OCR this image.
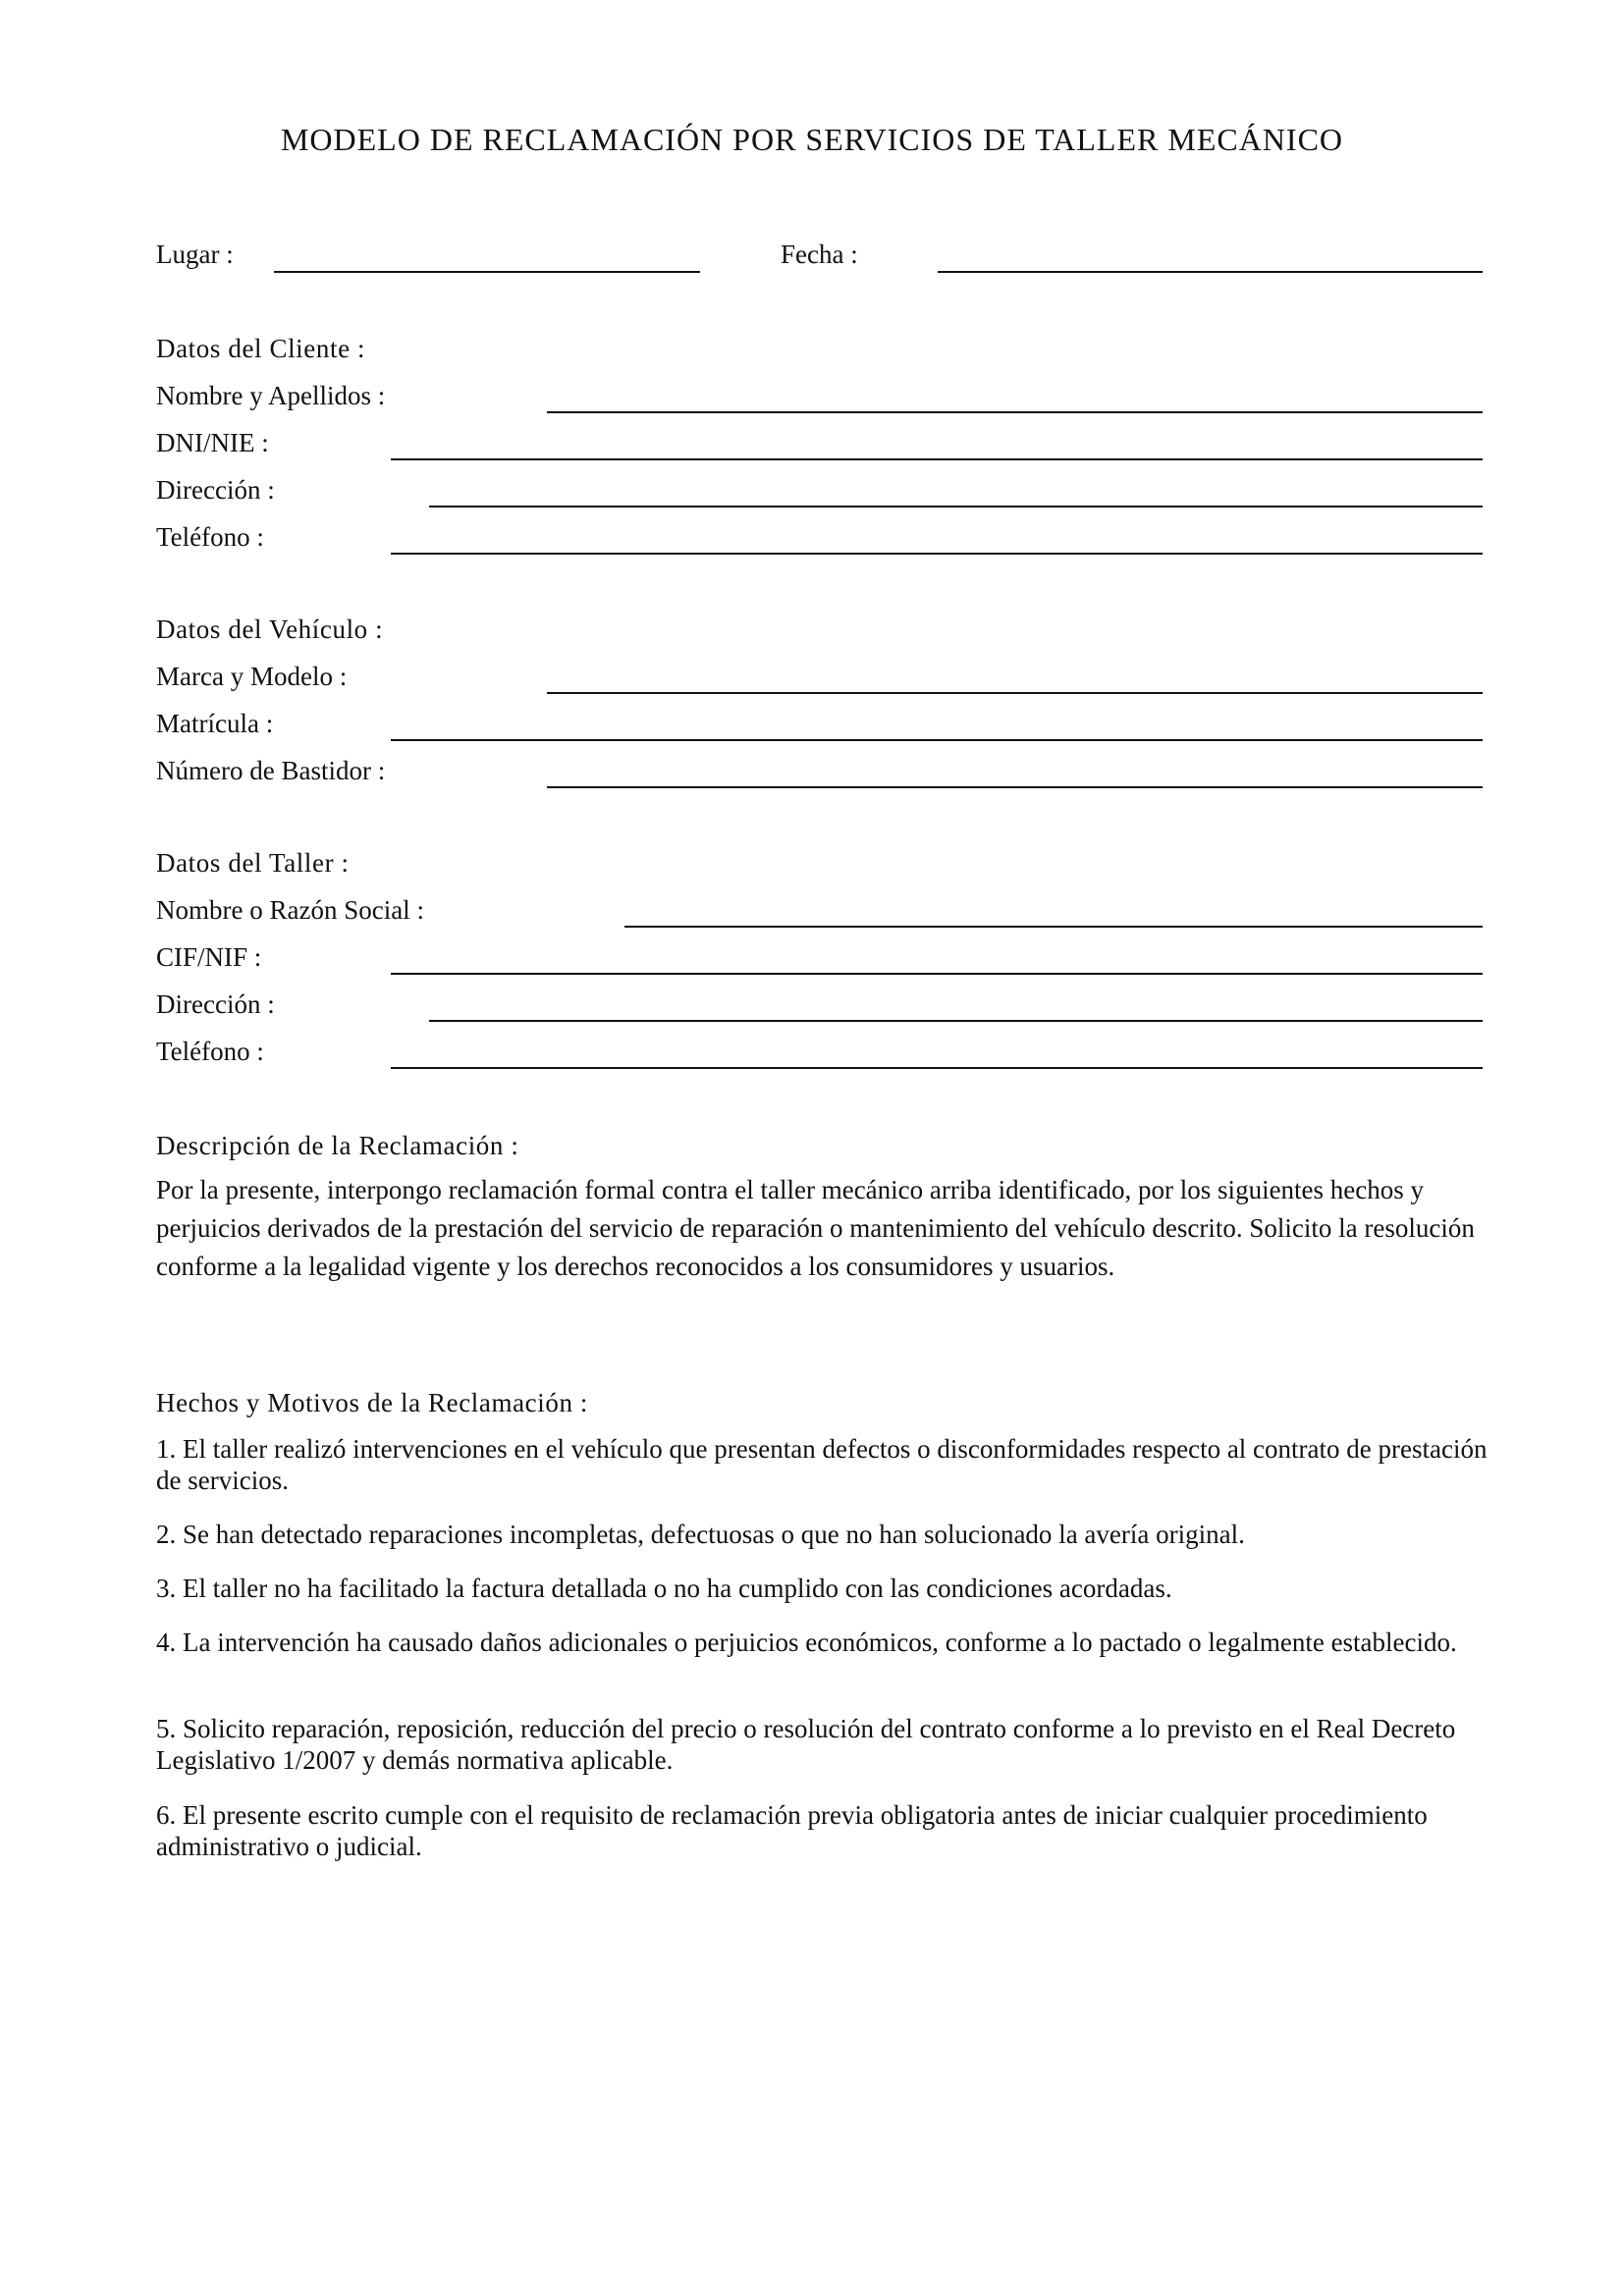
MODELO DE RECLAMACIÓN POR SERVICIOS DE TALLER MECÁNICO
Lugar :	Fecha :
Datos del Cliente :
Nombre y Apellidos :
DNI/NIE :
Dirección :
Teléfono :
Datos del Vehículo :
Marca y Modelo :
Matrícula :
Número de Bastidor :
Datos del Taller :
Nombre o Razón Social :
CIF/NIF :
Dirección :
Teléfono :
Descripción de la Reclamación :
Por la presente, interpongo reclamación formal contra el taller mecánico arriba identificado, por los siguientes hechos y perjuicios derivados de la prestación del servicio de reparación o mantenimiento del vehículo descrito. Solicito la resolución conforme a la legalidad vigente y los derechos reconocidos a los consumidores y usuarios.
Hechos y Motivos de la Reclamación :
1. El taller realizó intervenciones en el vehículo que presentan defectos o disconformidades respecto al contrato de prestación de servicios.
2. Se han detectado reparaciones incompletas, defectuosas o que no han solucionado la avería original.
3. El taller no ha facilitado la factura detallada o no ha cumplido con las condiciones acordadas.
4. La intervención ha causado daños adicionales o perjuicios económicos, conforme a lo pactado o legalmente establecido.
5. Solicito reparación, reposición, reducción del precio o resolución del contrato conforme a lo previsto en el Real Decreto Legislativo 1/2007 y demás normativa aplicable.
6. El presente escrito cumple con el requisito de reclamación previa obligatoria antes de iniciar cualquier procedimiento administrativo o judicial.
